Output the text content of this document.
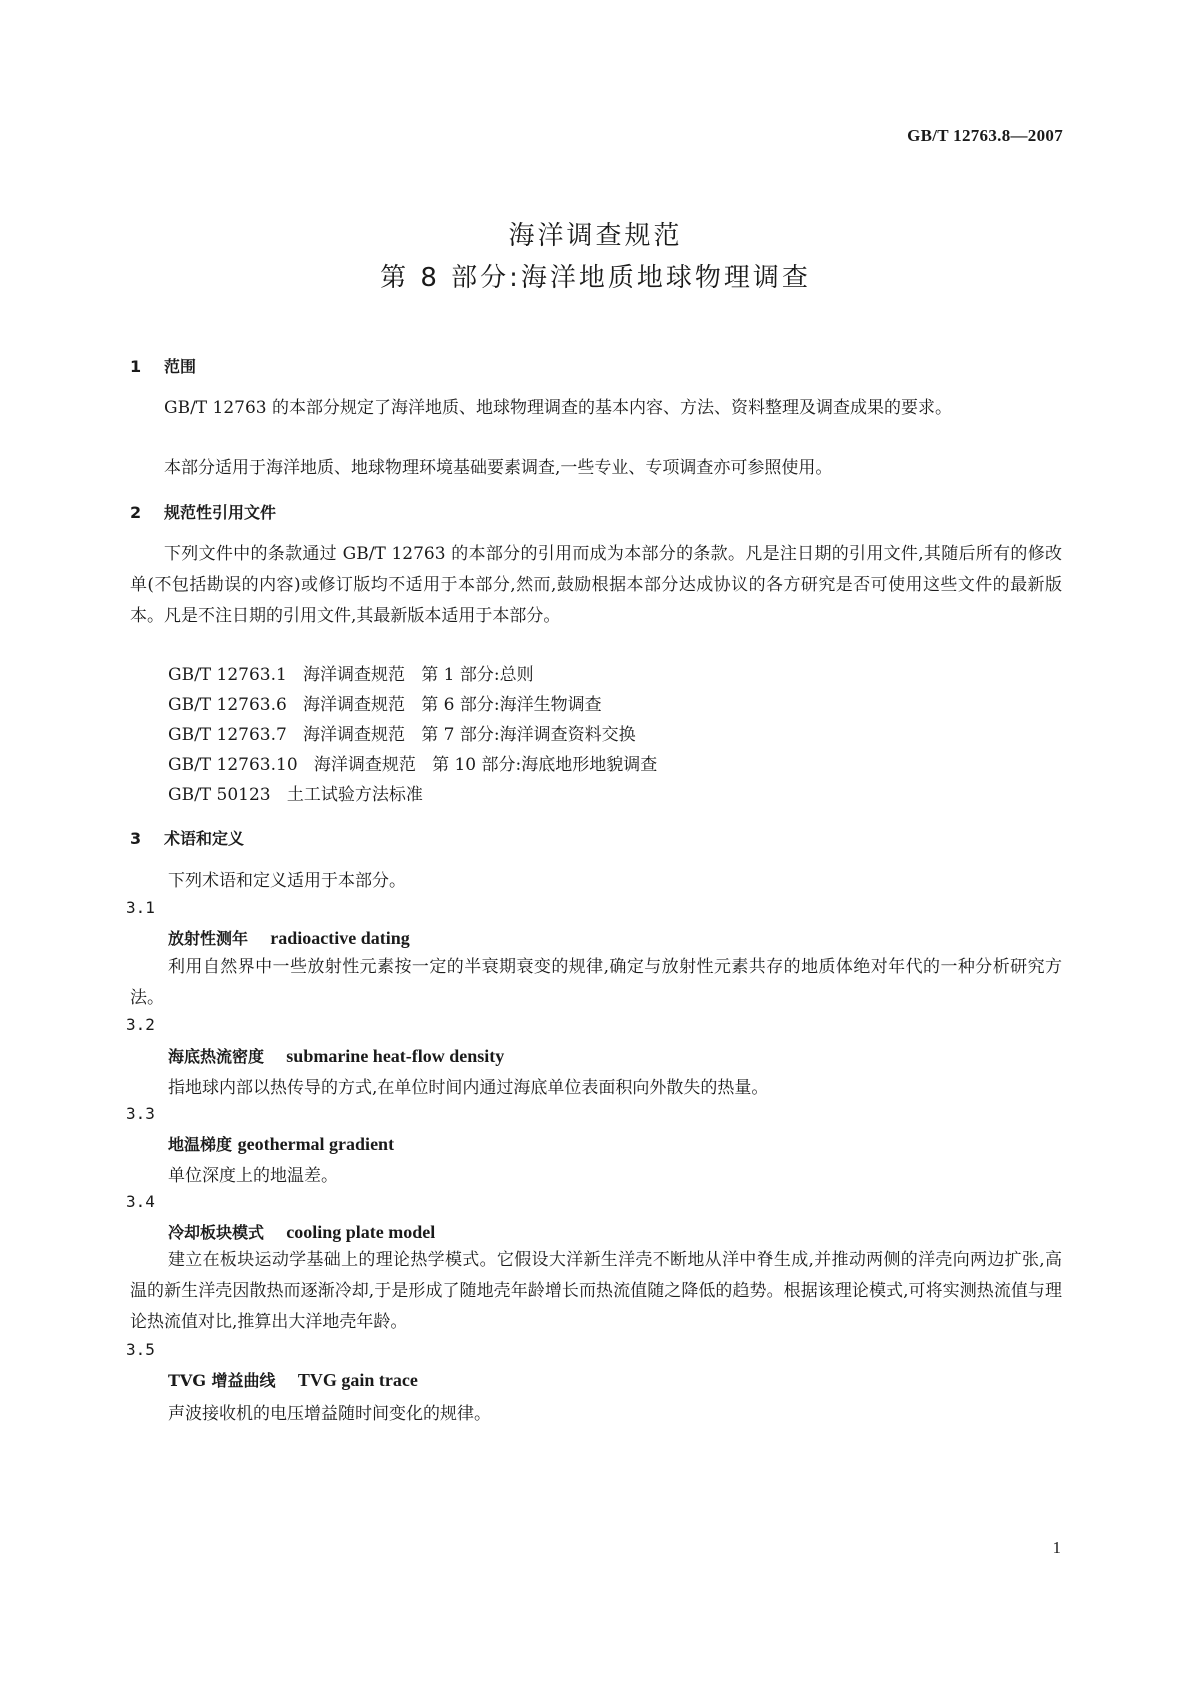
GB/T 12763.8—2007
海洋调查规范
第 8 部分:海洋地质地球物理调查
1 范围
GB/T 12763 的本部分规定了海洋地质、地球物理调查的基本内容、方法、资料整理及调查成果的要求。
本部分适用于海洋地质、地球物理环境基础要素调查,一些专业、专项调查亦可参照使用。
2 规范性引用文件
下列文件中的条款通过 GB/T 12763 的本部分的引用而成为本部分的条款。凡是注日期的引用文件,其随后所有的修改单(不包括勘误的内容)或修订版均不适用于本部分,然而,鼓励根据本部分达成协议的各方研究是否可使用这些文件的最新版本。凡是不注日期的引用文件,其最新版本适用于本部分。
GB/T 12763.1   海洋调查规范   第 1 部分:总则
GB/T 12763.6   海洋调查规范   第 6 部分:海洋生物调查
GB/T 12763.7   海洋调查规范   第 7 部分:海洋调查资料交换
GB/T 12763.10   海洋调查规范   第 10 部分:海底地形地貌调查
GB/T 50123   土工试验方法标准
3 术语和定义
下列术语和定义适用于本部分。
3.1
放射性测年 radioactive dating
利用自然界中一些放射性元素按一定的半衰期衰变的规律,确定与放射性元素共存的地质体绝对年代的一种分析研究方法。
3.2
海底热流密度 submarine heat-flow density
指地球内部以热传导的方式,在单位时间内通过海底单位表面积向外散失的热量。
3.3
地温梯度 geothermal gradient
单位深度上的地温差。
3.4
冷却板块模式 cooling plate model
建立在板块运动学基础上的理论热学模式。它假设大洋新生洋壳不断地从洋中脊生成,并推动两侧的洋壳向两边扩张,高温的新生洋壳因散热而逐渐冷却,于是形成了随地壳年龄增长而热流值随之降低的趋势。根据该理论模式,可将实测热流值与理论热流值对比,推算出大洋地壳年龄。
3.5
TVG 增益曲线 TVG gain trace
声波接收机的电压增益随时间变化的规律。
1
